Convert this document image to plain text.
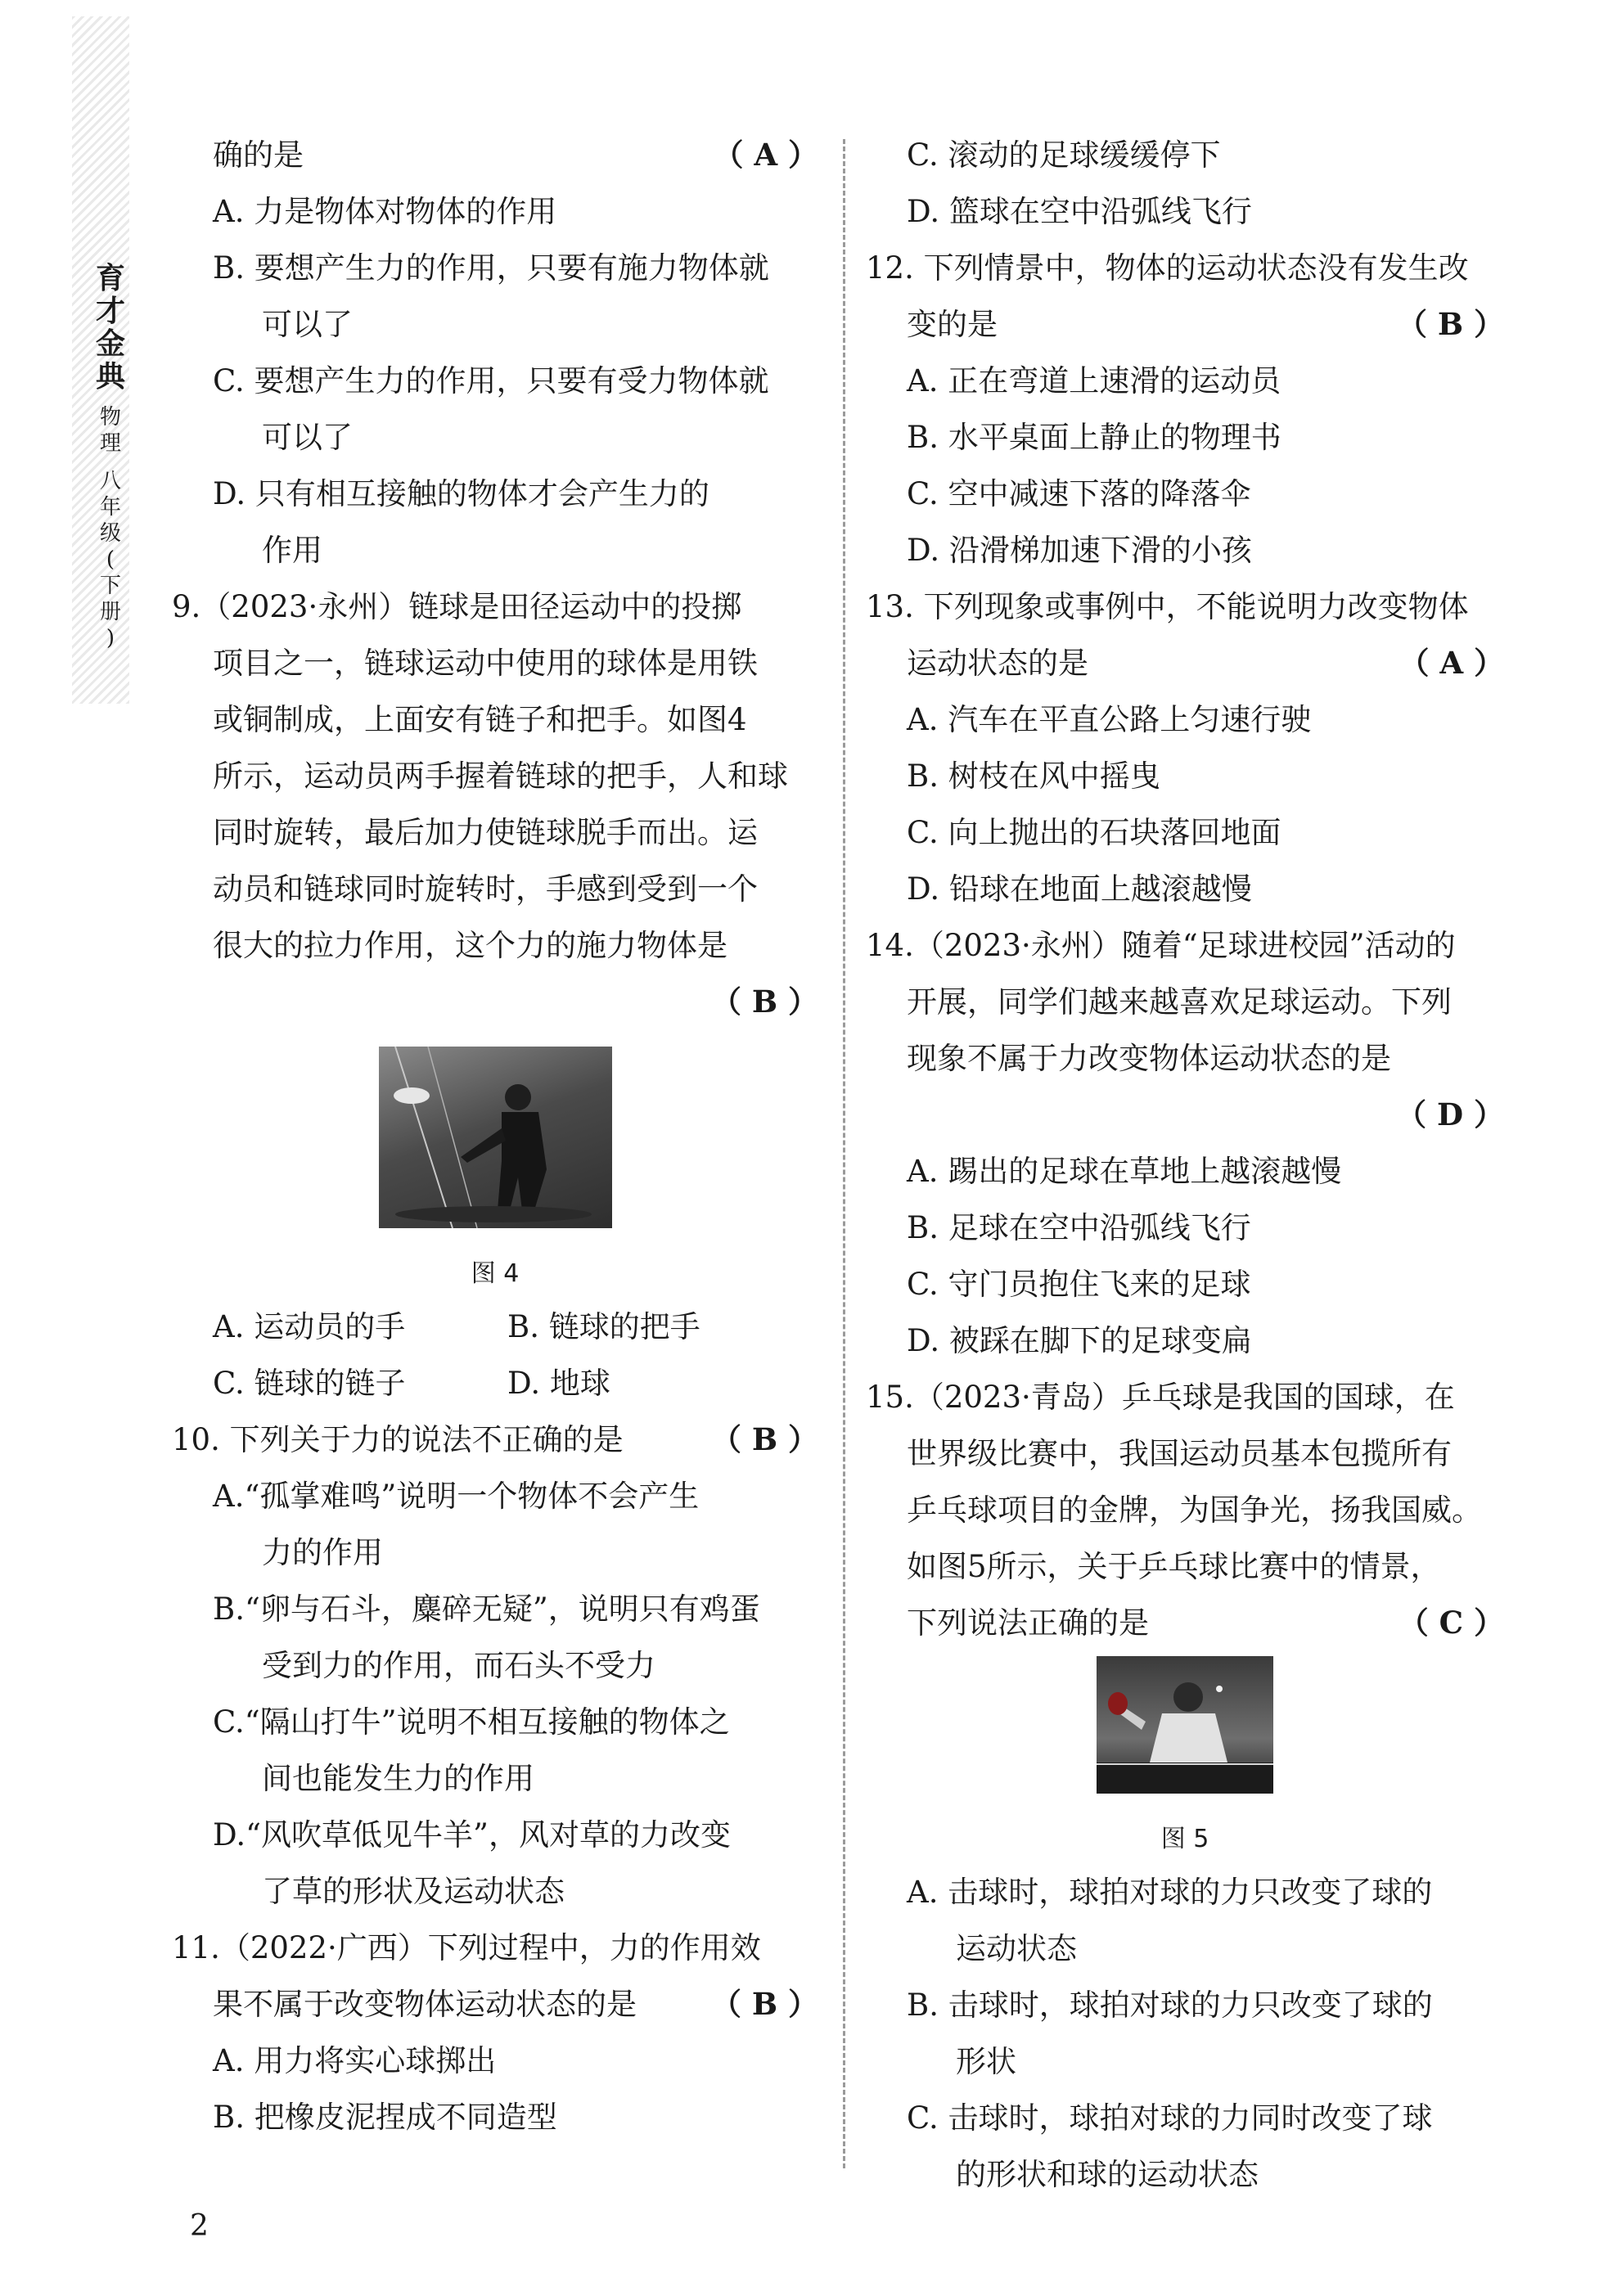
育
才
金
典
物
理
八
年
级
(
下
册
)
确的是	（ A ）
A. 力是物体对物体的作用
B. 要想产生力的作用，只要有施力物体就
可以了
C. 要想产生力的作用，只要有受力物体就
可以了
D. 只有相互接触的物体才会产生力的
作用
9.（2023·永州）链球是田径运动中的投掷
项目之一，链球运动中使用的球体是用铁
或铜制成，上面安有链子和把手。如图4
所示，运动员两手握着链球的把手，人和球
同时旋转，最后加力使链球脱手而出。运
动员和链球同时旋转时，手感到受到一个
很大的拉力作用，这个力的施力物体是
（ B ）
图 4
A. 运动员的手	B. 链球的把手
C. 链球的链子	D. 地球
10. 下列关于力的说法不正确的是	（ B ）
A.“孤掌难鸣”说明一个物体不会产生
力的作用
B.“卵与石斗，麋碎无疑”，说明只有鸡蛋
受到力的作用，而石头不受力
C.“隔山打牛”说明不相互接触的物体之
间也能发生力的作用
D.“风吹草低见牛羊”，风对草的力改变
了草的形状及运动状态
11.（2022·广西）下列过程中，力的作用效
果不属于改变物体运动状态的是	（ B ）
A. 用力将实心球掷出
B. 把橡皮泥捏成不同造型
C. 滚动的足球缓缓停下
D. 篮球在空中沿弧线飞行
12. 下列情景中，物体的运动状态没有发生改
变的是	（ B ）
A. 正在弯道上速滑的运动员
B. 水平桌面上静止的物理书
C. 空中减速下落的降落伞
D. 沿滑梯加速下滑的小孩
13. 下列现象或事例中，不能说明力改变物体
运动状态的是	（ A ）
A. 汽车在平直公路上匀速行驶
B. 树枝在风中摇曳
C. 向上抛出的石块落回地面
D. 铅球在地面上越滚越慢
14.（2023·永州）随着“足球进校园”活动的
开展，同学们越来越喜欢足球运动。下列
现象不属于力改变物体运动状态的是
（ D ）
A. 踢出的足球在草地上越滚越慢
B. 足球在空中沿弧线飞行
C. 守门员抱住飞来的足球
D. 被踩在脚下的足球变扁
15.（2023·青岛）乒乓球是我国的国球，在
世界级比赛中，我国运动员基本包揽所有
乒乓球项目的金牌，为国争光，扬我国威。
如图5所示，关于乒乓球比赛中的情景，
下列说法正确的是	（ C ）
图 5
A. 击球时，球拍对球的力只改变了球的
运动状态
B. 击球时，球拍对球的力只改变了球的
形状
C. 击球时，球拍对球的力同时改变了球
的形状和球的运动状态
2
